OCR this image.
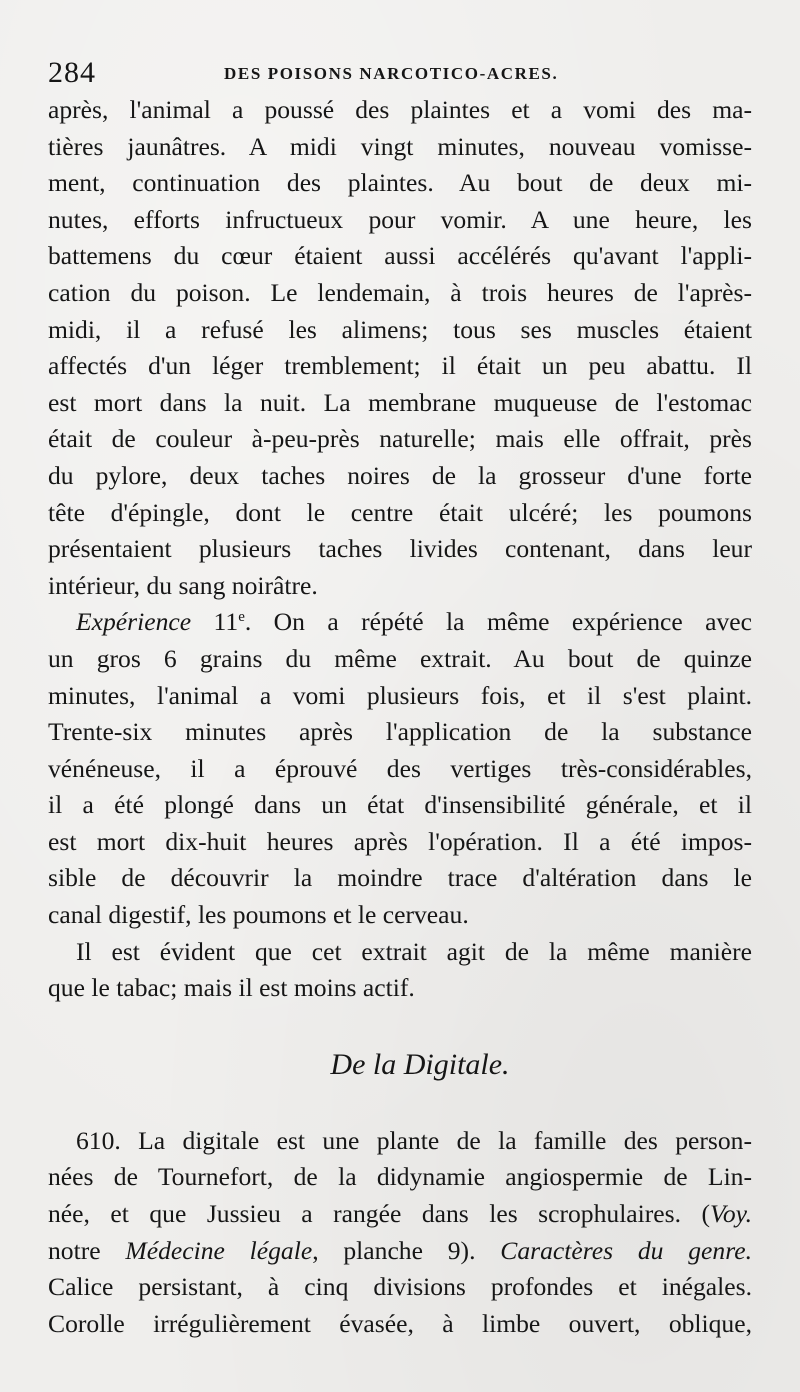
284	DES POISONS NARCOTICO-ACRES.
après, l'animal a poussé des plaintes et a vomi des ma-
tières jaunâtres. A midi vingt minutes, nouveau vomisse-
ment, continuation des plaintes. Au bout de deux mi-
nutes, efforts infructueux pour vomir. A une heure, les
battemens du cœur étaient aussi accélérés qu'avant l'appli-
cation du poison. Le lendemain, à trois heures de l'après-
midi, il a refusé les alimens; tous ses muscles étaient
affectés d'un léger tremblement; il était un peu abattu. Il
est mort dans la nuit. La membrane muqueuse de l'estomac
était de couleur à-peu-près naturelle; mais elle offrait, près
du pylore, deux taches noires de la grosseur d'une forte
tête d'épingle, dont le centre était ulcéré; les poumons
présentaient plusieurs taches livides contenant, dans leur
intérieur, du sang noirâtre.
Expérience 11e. On a répété la même expérience avec
un gros 6 grains du même extrait. Au bout de quinze
minutes, l'animal a vomi plusieurs fois, et il s'est plaint.
Trente-six minutes après l'application de la substance
vénéneuse, il a éprouvé des vertiges très-considérables,
il a été plongé dans un état d'insensibilité générale, et il
est mort dix-huit heures après l'opération. Il a été impos-
sible de découvrir la moindre trace d'altération dans le
canal digestif, les poumons et le cerveau.
Il est évident que cet extrait agit de la même manière
que le tabac; mais il est moins actif.
De la Digitale.
610. La digitale est une plante de la famille des person-
nées de Tournefort, de la didynamie angiospermie de Lin-
née, et que Jussieu a rangée dans les scrophulaires. (Voy.
notre Médecine légale, planche 9). Caractères du genre.
Calice persistant, à cinq divisions profondes et inégales.
Corolle irrégulièrement évasée, à limbe ouvert, oblique,
